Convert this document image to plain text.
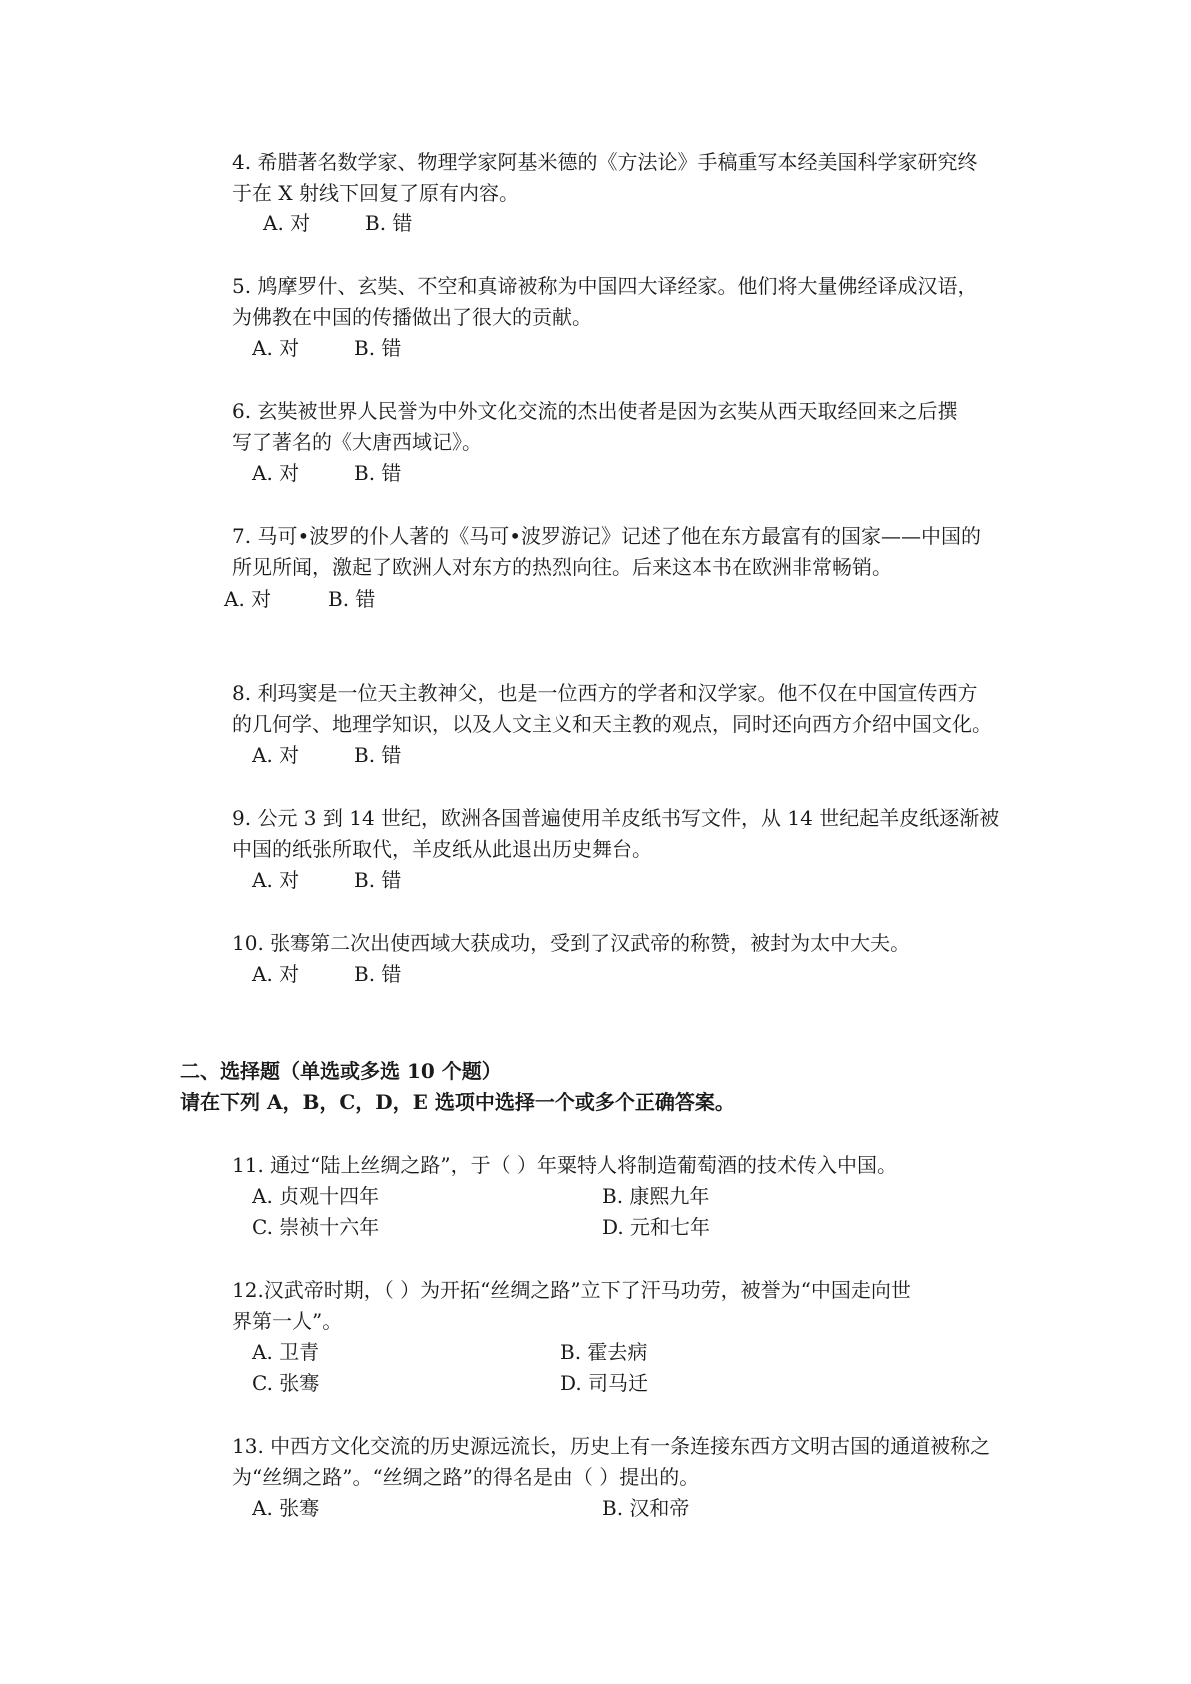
4. 希腊著名数学家、物理学家阿基米德的《方法论》手稿重写本经美国科学家研究终
于在 X 射线下回复了原有内容。
A. 对	B. 错
5. 鸠摩罗什、玄奘、不空和真谛被称为中国四大译经家。他们将大量佛经译成汉语，
为佛教在中国的传播做出了很大的贡献。
A. 对	B. 错
6. 玄奘被世界人民誉为中外文化交流的杰出使者是因为玄奘从西天取经回来之后撰
写了著名的《大唐西域记》。
A. 对	B. 错
7. 马可•波罗的仆人著的《马可•波罗游记》记述了他在东方最富有的国家——中国的
所见所闻，激起了欧洲人对东方的热烈向往。后来这本书在欧洲非常畅销。
A. 对	B. 错
8. 利玛窦是一位天主教神父，也是一位西方的学者和汉学家。他不仅在中国宣传西方
的几何学、地理学知识，以及人文主义和天主教的观点，同时还向西方介绍中国文化。
A. 对	B. 错
9. 公元 3 到 14 世纪，欧洲各国普遍使用羊皮纸书写文件，从 14 世纪起羊皮纸逐渐被
中国的纸张所取代，羊皮纸从此退出历史舞台。
A. 对	B. 错
10. 张骞第二次出使西域大获成功，受到了汉武帝的称赞，被封为太中大夫。
A. 对	B. 错
二、选择题（单选或多选 10 个题）
请在下列 A，B，C，D，E 选项中选择一个或多个正确答案。
11. 通过“陆上丝绸之路”，于（ ）年粟特人将制造葡萄酒的技术传入中国。
A. 贞观十四年	B. 康熙九年
C. 崇祯十六年	D. 元和七年
12.汉武帝时期，（ ）为开拓“丝绸之路”立下了汗马功劳，被誉为“中国走向世
界第一人”。
A. 卫青	B. 霍去病
C. 张骞	D. 司马迁
13. 中西方文化交流的历史源远流长，历史上有一条连接东西方文明古国的通道被称之
为“丝绸之路”。“丝绸之路”的得名是由（ ）提出的。
A. 张骞	B. 汉和帝
